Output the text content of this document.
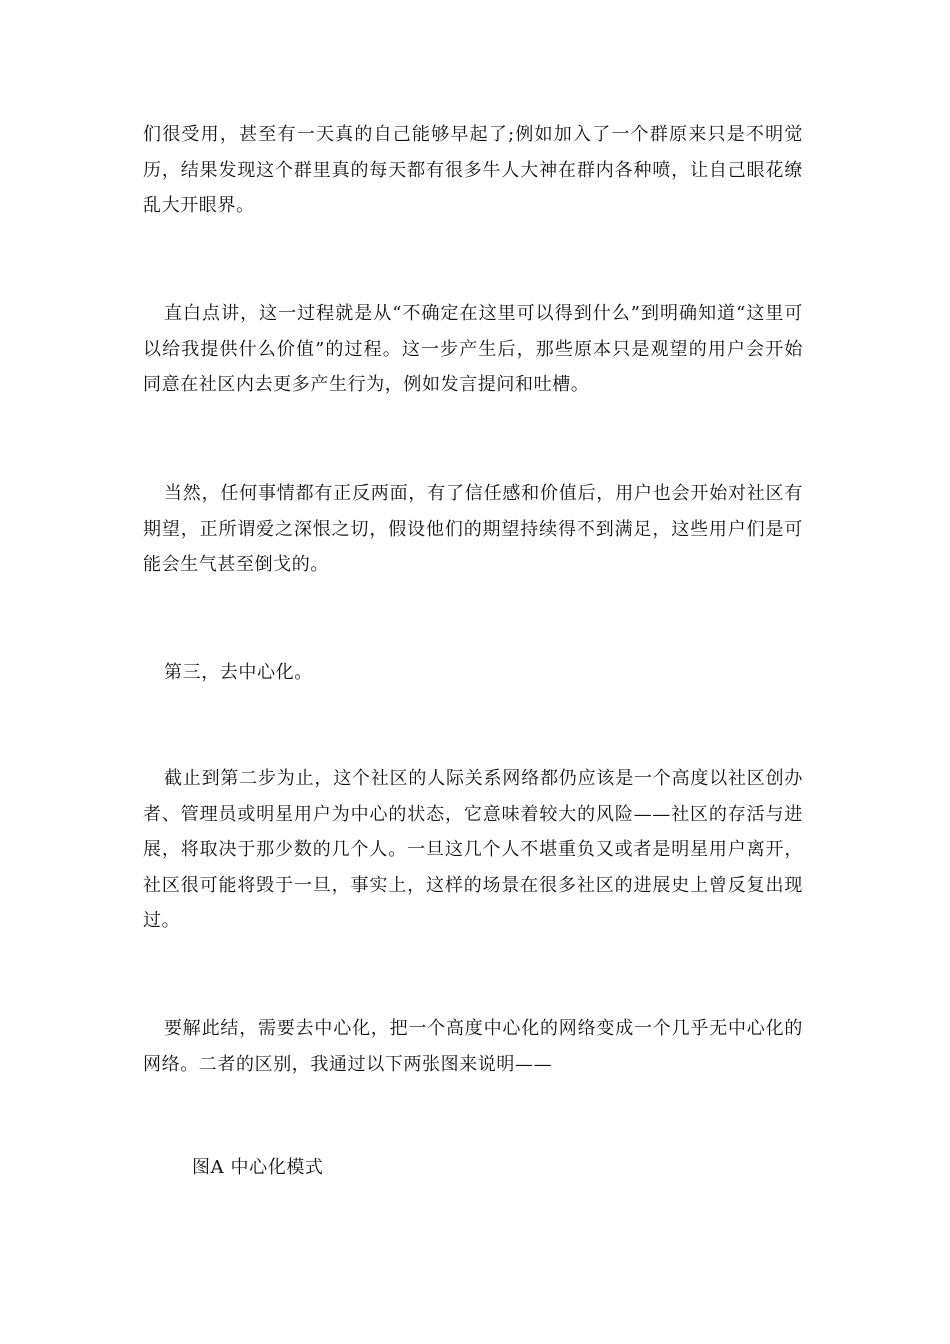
们很受用，甚至有一天真的自己能够早起了;例如加入了一个群原来只是不明觉历，结果发现这个群里真的每天都有很多牛人大神在群内各种喷，让自己眼花缭乱大开眼界。

直白点讲，这一过程就是从“不确定在这里可以得到什么”到明确知道“这里可以给我提供什么价值”的过程。这一步产生后，那些原本只是观望的用户会开始同意在社区内去更多产生行为，例如发言提问和吐槽。

当然，任何事情都有正反两面，有了信任感和价值后，用户也会开始对社区有期望，正所谓爱之深恨之切，假设他们的期望持续得不到满足，这些用户们是可能会生气甚至倒戈的。

第三，去中心化。

截止到第二步为止，这个社区的人际关系网络都仍应该是一个高度以社区创办者、管理员或明星用户为中心的状态，它意味着较大的风险——社区的存活与进展，将取决于那少数的几个人。一旦这几个人不堪重负又或者是明星用户离开，社区很可能将毁于一旦，事实上，这样的场景在很多社区的进展史上曾反复出现过。

要解此结，需要去中心化，把一个高度中心化的网络变成一个几乎无中心化的网络。二者的区别，我通过以下两张图来说明——

图A 中心化模式
